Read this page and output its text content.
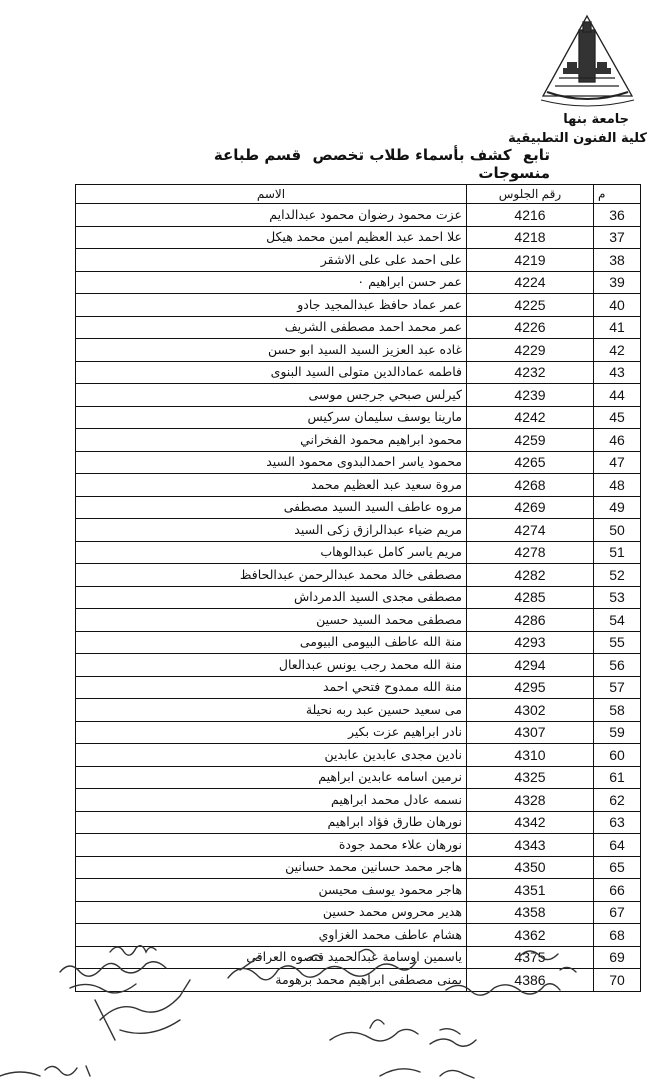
جامعة بنها
كلية الفنون التطبيقية
تابع كشف بأسماء طلاب تخصص قسم طباعة منسوجات
م	رقم الجلوس	الاسم
36	4216	عزت محمود رضوان محمود عبدالدايم
37	4218	علا احمد عبد العظيم امين محمد هيكل
38	4219	على احمد على على الاشقر
39	4224	عمر حسن ابراهيم ٠
40	4225	عمر عماد حافظ عبدالمجيد جادو
41	4226	عمر محمد احمد مصطفى الشريف
42	4229	غاده عبد العزيز السيد السيد ابو حسن
43	4232	فاطمه عمادالدين متولى السيد البنوى
44	4239	كيرلس صبحي جرجس موسى
45	4242	مارينا يوسف سليمان سركيس
46	4259	محمود ابراهيم محمود الفخراني
47	4265	محمود ياسر احمدالبدوى محمود السيد
48	4268	مروة سعيد عبد العظيم محمد
49	4269	مروه عاطف السيد السيد مصطفى
50	4274	مريم ضياء عبدالرازق زكى السيد
51	4278	مريم ياسر كامل عبدالوهاب
52	4282	مصطفى خالد محمد عبدالرحمن عبدالحافظ
53	4285	مصطفى مجدى السيد الدمرداش
54	4286	مصطفى محمد السيد حسين
55	4293	منة الله عاطف البيومى البيومى
56	4294	منة الله محمد رجب يونس عبدالعال
57	4295	منة الله ممدوح فتحي احمد
58	4302	مى سعيد حسين عبد ربه نحيلة
59	4307	نادر ابراهيم عزت بكير
60	4310	نادين مجدى عابدين عابدين
61	4325	نرمين اسامه عابدين ابراهيم
62	4328	نسمه عادل محمد ابراهيم
63	4342	نورهان طارق فؤاد ابراهيم
64	4343	نورهان علاء محمد جودة
65	4350	هاجر محمد حسانين محمد حسانين
66	4351	هاجر محمود يوسف محيسن
67	4358	هدير محروس محمد حسين
68	4362	هشام عاطف محمد الغزاوي
69	4375	ياسمين اوسامة عبدالحميد قنصوه العراقى
70	4386	يمنى مصطفى ابراهيم محمد برهومة
